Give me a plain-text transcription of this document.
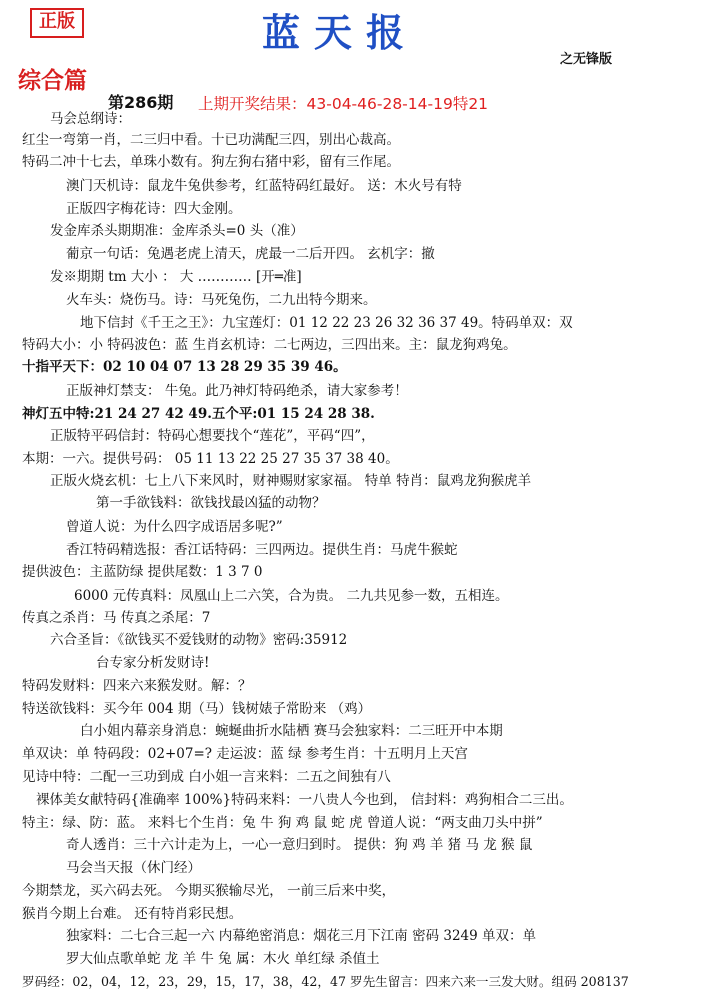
正版	蓝天报
之无锋版
综合篇
第286期 上期开奖结果：43-04-46-28-14-19特21
马会总纲诗：
红尘一弯第一肖，二三归中看。十已功满配三四，别出心裁高。
特码二冲十七去，单珠小数有。狗左狗右猪中彩，留有三作尾。
澳门天机诗：鼠龙牛兔供参考，红蓝特码红最好。 送：木火号有特
正版四字梅花诗：四大金刚。
发金库杀头期期准：金库杀头=0 头（准）
葡京一句话：兔遇老虎上清天，虎最一二后开四。 玄机字：撤
发※期期 tm 大小 ： 大 ………… [开═准]
火车头：烧伤马。诗：马死兔伤，二九出特今期来。
地下信封《千王之王》：九宝莲灯：01 12 22 23 26 32 36 37 49。特码单双：双
特码大小：小 特码波色：蓝 生肖玄机诗：二七两边，三四出来。主：鼠龙狗鸡兔。
十指平天下：02 10 04 07 13 28 29 35 39 46。
正版神灯禁支： 牛兔。此乃神灯特码绝杀，请大家参考！
神灯五中特:21 24 27 42 49.五个平:01 15 24 28 38.
正版特平码信封：特码心想要找个“莲花”，平码“四”，
本期：一六。提供号码： 05 11 13 22 25 27 35 37 38 40。
正版火烧玄机：七上八下来风时，财神赐财家家福。 特单 特肖：鼠鸡龙狗猴虎羊
第一手欲钱料：欲钱找最凶猛的动物？
曾道人说：为什么四字成语居多呢?”
香江特码精选报：香江话特码：三四两边。提供生肖：马虎牛猴蛇
提供波色：主蓝防绿 提供尾数：1 3 7 0
6000 元传真料：凤凰山上二六笑，合为贵。 二九共见参一数，五相连。
传真之杀肖：马 传真之杀尾：7
六合圣旨：《欲钱买不爱钱财的动物》密码:35912
台专家分析发财诗!
特码发财料：四来六来猴发财。解：？
特送欲钱料：买今年 004 期（马）钱树婊子常盼来 （鸡）
白小姐内幕亲身消息：蜿蜒曲折水陆栖 赛马会独家料：二三旺开中本期
单双诀：单 特码段：02+07=? 走运波：蓝 绿 参考生肖：十五明月上天宫
见诗中特：二配一三功到成 白小姐一言来料：二五之间独有八
裸体美女献特码{准确率 100%}特码来料：一八贵人今也到， 信封料：鸡狗相合二三出。
特主：绿、防：蓝。 来料七个生肖：兔 牛 狗 鸡 鼠 蛇 虎 曾道人说：“两支曲刀头中拼”
奇人透肖：三十六计走为上，一心一意归到时。 提供：狗 鸡 羊 猪 马 龙 猴 鼠
马会当天报（休门经）
今期禁龙，买六码去死。 今期买猴输尽光， 一前三后来中奖，
猴肖今期上台难。 还有特肖彩民想。
独家料：二七合三起一六 内幕绝密消息：烟花三月下江南 密码 3249 单双：单
罗大仙点歌单蛇 龙 羊 牛 兔 属：木火 单红绿 杀值土
罗码经：02，04，12，23，29，15，17，38，42，47 罗先生留言：四来六来一三发大财。组码 208137
